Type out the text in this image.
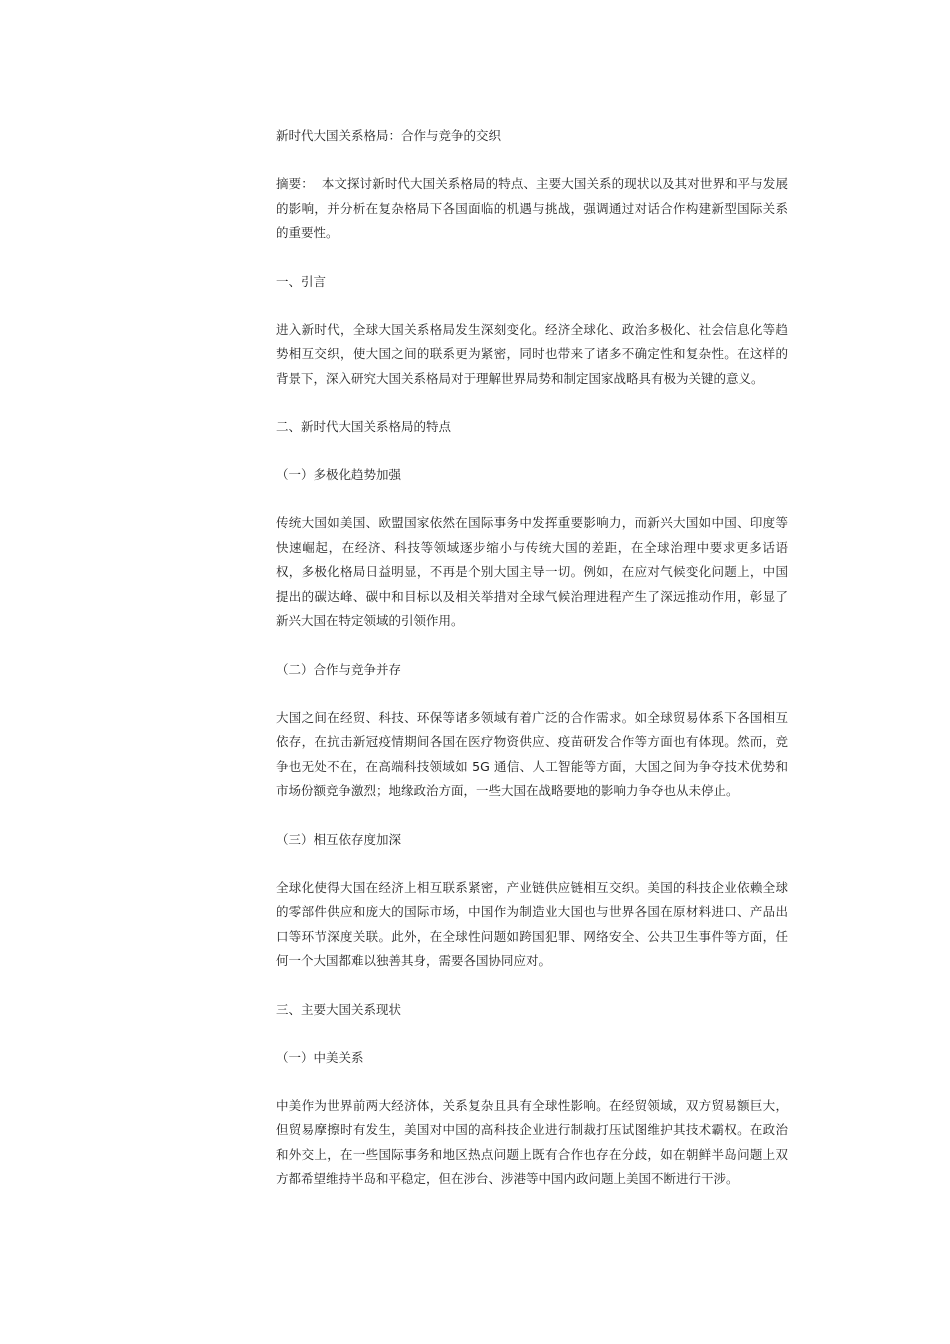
新时代大国关系格局：合作与竞争的交织
摘要： 本文探讨新时代大国关系格局的特点、主要大国关系的现状以及其对世界和平与发展的影响，并分析在复杂格局下各国面临的机遇与挑战，强调通过对话合作构建新型国际关系的重要性。
一、引言
进入新时代，全球大国关系格局发生深刻变化。经济全球化、政治多极化、社会信息化等趋势相互交织，使大国之间的联系更为紧密，同时也带来了诸多不确定性和复杂性。在这样的背景下，深入研究大国关系格局对于理解世界局势和制定国家战略具有极为关键的意义。
二、新时代大国关系格局的特点
（一）多极化趋势加强
传统大国如美国、欧盟国家依然在国际事务中发挥重要影响力，而新兴大国如中国、印度等快速崛起，在经济、科技等领域逐步缩小与传统大国的差距，在全球治理中要求更多话语权，多极化格局日益明显，不再是个别大国主导一切。例如，在应对气候变化问题上，中国提出的碳达峰、碳中和目标以及相关举措对全球气候治理进程产生了深远推动作用，彰显了新兴大国在特定领域的引领作用。
（二）合作与竞争并存
大国之间在经贸、科技、环保等诸多领域有着广泛的合作需求。如全球贸易体系下各国相互依存，在抗击新冠疫情期间各国在医疗物资供应、疫苗研发合作等方面也有体现。然而，竞争也无处不在，在高端科技领域如 5G 通信、人工智能等方面，大国之间为争夺技术优势和市场份额竞争激烈；地缘政治方面，一些大国在战略要地的影响力争夺也从未停止。
（三）相互依存度加深
全球化使得大国在经济上相互联系紧密，产业链供应链相互交织。美国的科技企业依赖全球的零部件供应和庞大的国际市场，中国作为制造业大国也与世界各国在原材料进口、产品出口等环节深度关联。此外，在全球性问题如跨国犯罪、网络安全、公共卫生事件等方面，任何一个大国都难以独善其身，需要各国协同应对。
三、主要大国关系现状
（一）中美关系
中美作为世界前两大经济体，关系复杂且具有全球性影响。在经贸领域，双方贸易额巨大，但贸易摩擦时有发生，美国对中国的高科技企业进行制裁打压试图维护其技术霸权。在政治和外交上，在一些国际事务和地区热点问题上既有合作也存在分歧，如在朝鲜半岛问题上双方都希望维持半岛和平稳定，但在涉台、涉港等中国内政问题上美国不断进行干涉。
